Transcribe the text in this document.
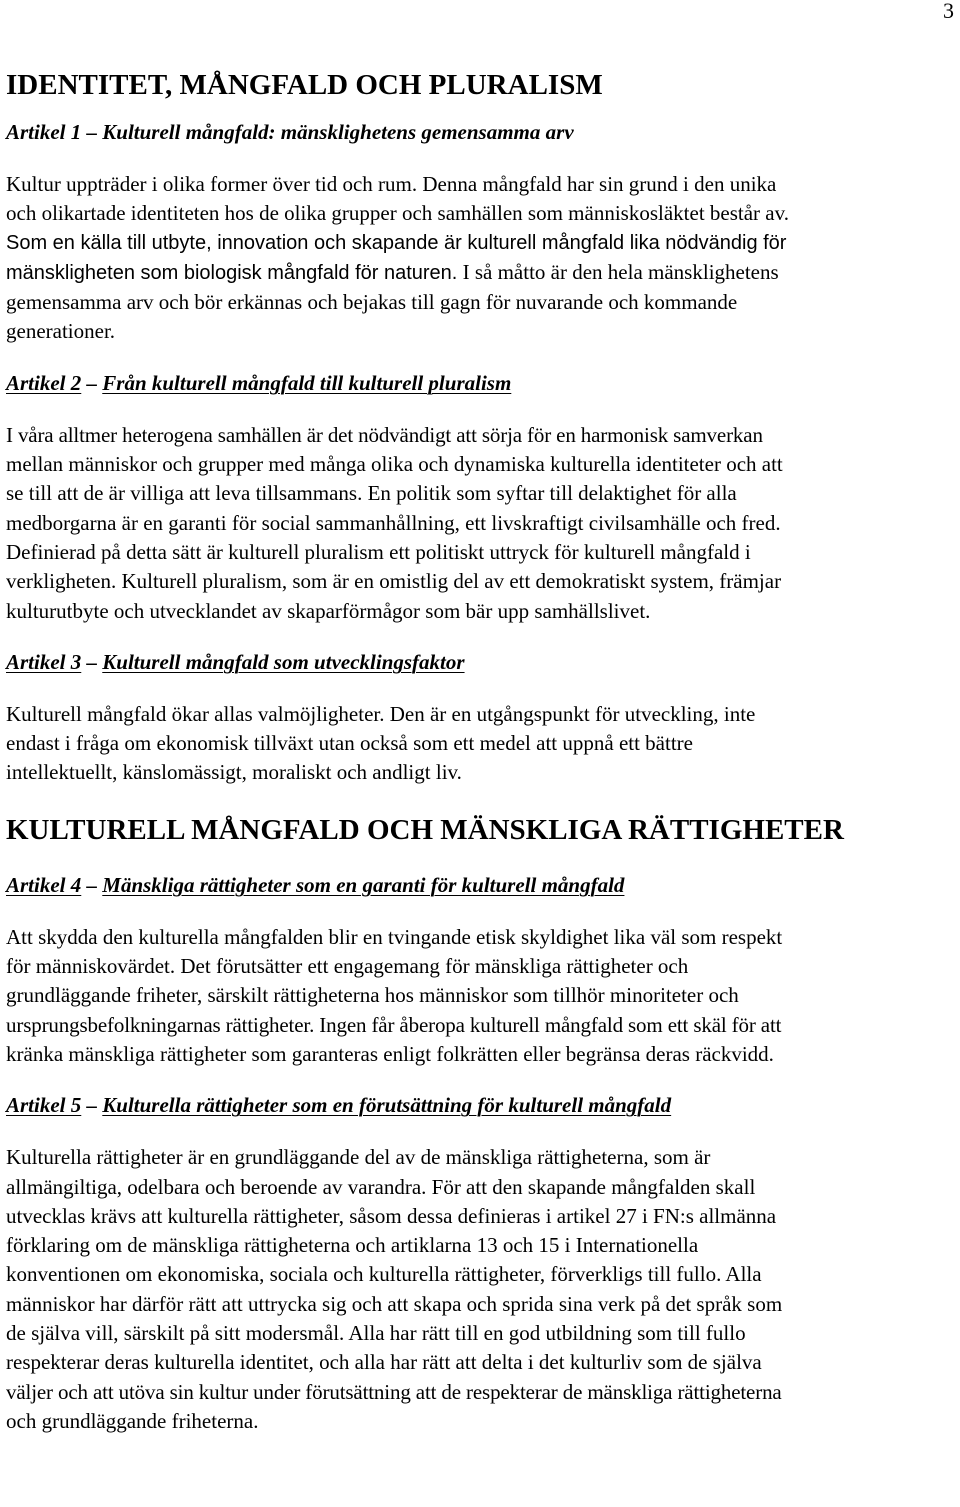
3
IDENTITET, MÅNGFALD OCH PLURALISM
Artikel 1 – Kulturell mångfald: mänsklighetens gemensamma arv
Kultur uppträder i olika former över tid och rum. Denna mångfald har sin grund i den unika
och olikartade identiteten hos de olika grupper och samhällen som människosläktet består av.
Som en källa till utbyte, innovation och skapande är kulturell mångfald lika nödvändig för
mänskligheten som biologisk mångfald för naturen. I så måtto är den hela mänsklighetens
gemensamma arv och bör erkännas och bejakas till gagn för nuvarande och kommande
generationer.
Artikel 2 – Från kulturell mångfald till kulturell pluralism
I våra alltmer heterogena samhällen är det nödvändigt att sörja för en harmonisk samverkan
mellan människor och grupper med många olika och dynamiska kulturella identiteter och att
se till att de är villiga att leva tillsammans. En politik som syftar till delaktighet för alla
medborgarna är en garanti för social sammanhållning, ett livskraftigt civilsamhälle och fred.
Definierad på detta sätt är kulturell pluralism ett politiskt uttryck för kulturell mångfald i
verkligheten. Kulturell pluralism, som är en omistlig del av ett demokratiskt system, främjar
kulturutbyte och utvecklandet av skaparförmågor som bär upp samhällslivet.
Artikel 3 – Kulturell mångfald som utvecklingsfaktor
Kulturell mångfald ökar allas valmöjligheter. Den är en utgångspunkt för utveckling, inte
endast i fråga om ekonomisk tillväxt utan också som ett medel att uppnå ett bättre
intellektuellt, känslomässigt, moraliskt och andligt liv.
KULTURELL MÅNGFALD OCH MÄNSKLIGA RÄTTIGHETER
Artikel 4 – Mänskliga rättigheter som en garanti för kulturell mångfald
Att skydda den kulturella mångfalden blir en tvingande etisk skyldighet lika väl som respekt
för människovärdet. Det förutsätter ett engagemang för mänskliga rättigheter och
grundläggande friheter, särskilt rättigheterna hos människor som tillhör minoriteter och
ursprungsbefolkningarnas rättigheter. Ingen får åberopa kulturell mångfald som ett skäl för att
kränka mänskliga rättigheter som garanteras enligt folkrätten eller begränsa deras räckvidd.
Artikel 5 – Kulturella rättigheter som en förutsättning för kulturell mångfald
Kulturella rättigheter är en grundläggande del av de mänskliga rättigheterna, som är
allmängiltiga, odelbara och beroende av varandra. För att den skapande mångfalden skall
utvecklas krävs att kulturella rättigheter, såsom dessa definieras i artikel 27 i FN:s allmänna
förklaring om de mänskliga rättigheterna och artiklarna 13 och 15 i Internationella
konventionen om ekonomiska, sociala och kulturella rättigheter, förverkligs till fullo. Alla
människor har därför rätt att uttrycka sig och att skapa och sprida sina verk på det språk som
de själva vill, särskilt på sitt modersmål. Alla har rätt till en god utbildning som till fullo
respekterar deras kulturella identitet, och alla har rätt att delta i det kulturliv som de själva
väljer och att utöva sin kultur under förutsättning att de respekterar de mänskliga rättigheterna
och grundläggande friheterna.
